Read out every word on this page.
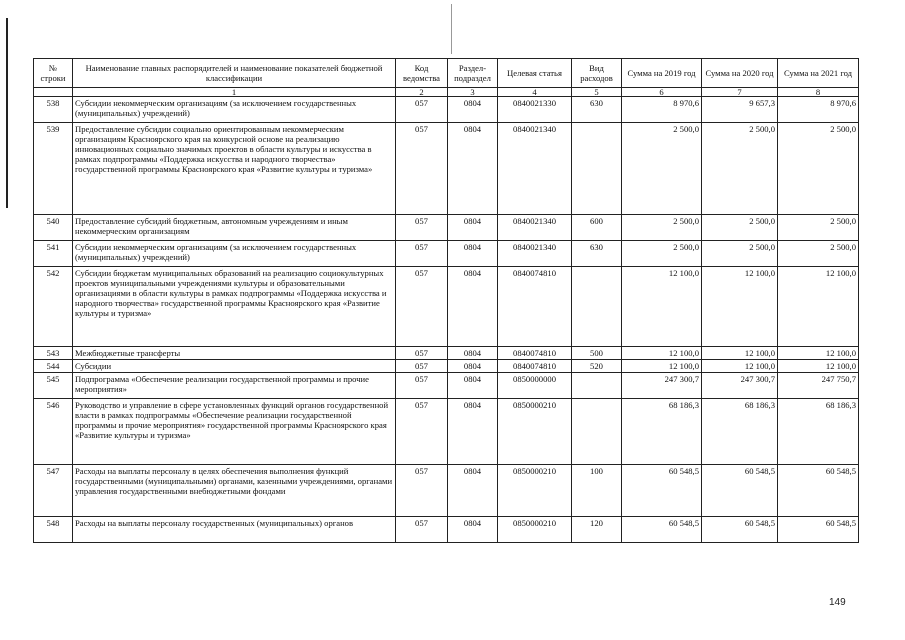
№ строки	Наименование главных распорядителей и наименование показателей бюджетной классификации	Код ведомства	Раздел-подраздел	Целевая статья	Вид расходов	Сумма на 2019 год	Сумма на 2020 год	Сумма на 2021 год
	1	2	3	4	5	6	7	8
538	Субсидии некоммерческим организациям (за исключением государственных (муниципальных) учреждений)	057	0804	0840021330	630	8 970,6	9 657,3	8 970,6
539	Предоставление субсидии социально ориентированным некоммерческим организациям Красноярского края на конкурсной основе на реализацию инновационных социально значимых проектов в области культуры и искусства в рамках подпрограммы «Поддержка искусства и народного творчества» государственной программы Красноярского края «Развитие культуры и туризма»	057	0804	0840021340		2 500,0	2 500,0	2 500,0
540	Предоставление субсидий бюджетным, автономным учреждениям и иным некоммерческим организациям	057	0804	0840021340	600	2 500,0	2 500,0	2 500,0
541	Субсидии некоммерческим организациям (за исключением государственных (муниципальных) учреждений)	057	0804	0840021340	630	2 500,0	2 500,0	2 500,0
542	Субсидии бюджетам муниципальных образований на реализацию социокультурных проектов муниципальными учреждениями культуры и образовательными организациями в области культуры в рамках подпрограммы «Поддержка искусства и народного творчества» государственной программы Красноярского края «Развитие культуры и туризма»	057	0804	0840074810		12 100,0	12 100,0	12 100,0
543	Межбюджетные трансферты	057	0804	0840074810	500	12 100,0	12 100,0	12 100,0
544	Субсидии	057	0804	0840074810	520	12 100,0	12 100,0	12 100,0
545	Подпрограмма «Обеспечение реализации государственной программы и прочие мероприятия»	057	0804	0850000000		247 300,7	247 300,7	247 750,7
546	Руководство и управление в сфере установленных функций органов государственной власти в рамках подпрограммы «Обеспечение реализации государственной программы и прочие мероприятия» государственной программы Красноярского края «Развитие культуры и туризма»	057	0804	0850000210		68 186,3	68 186,3	68 186,3
547	Расходы на выплаты персоналу в целях обеспечения выполнения функций государственными (муниципальными) органами, казенными учреждениями, органами управления государственными внебюджетными фондами	057	0804	0850000210	100	60 548,5	60 548,5	60 548,5
548	Расходы на выплаты персоналу государственных (муниципальных) органов	057	0804	0850000210	120	60 548,5	60 548,5	60 548,5
149
